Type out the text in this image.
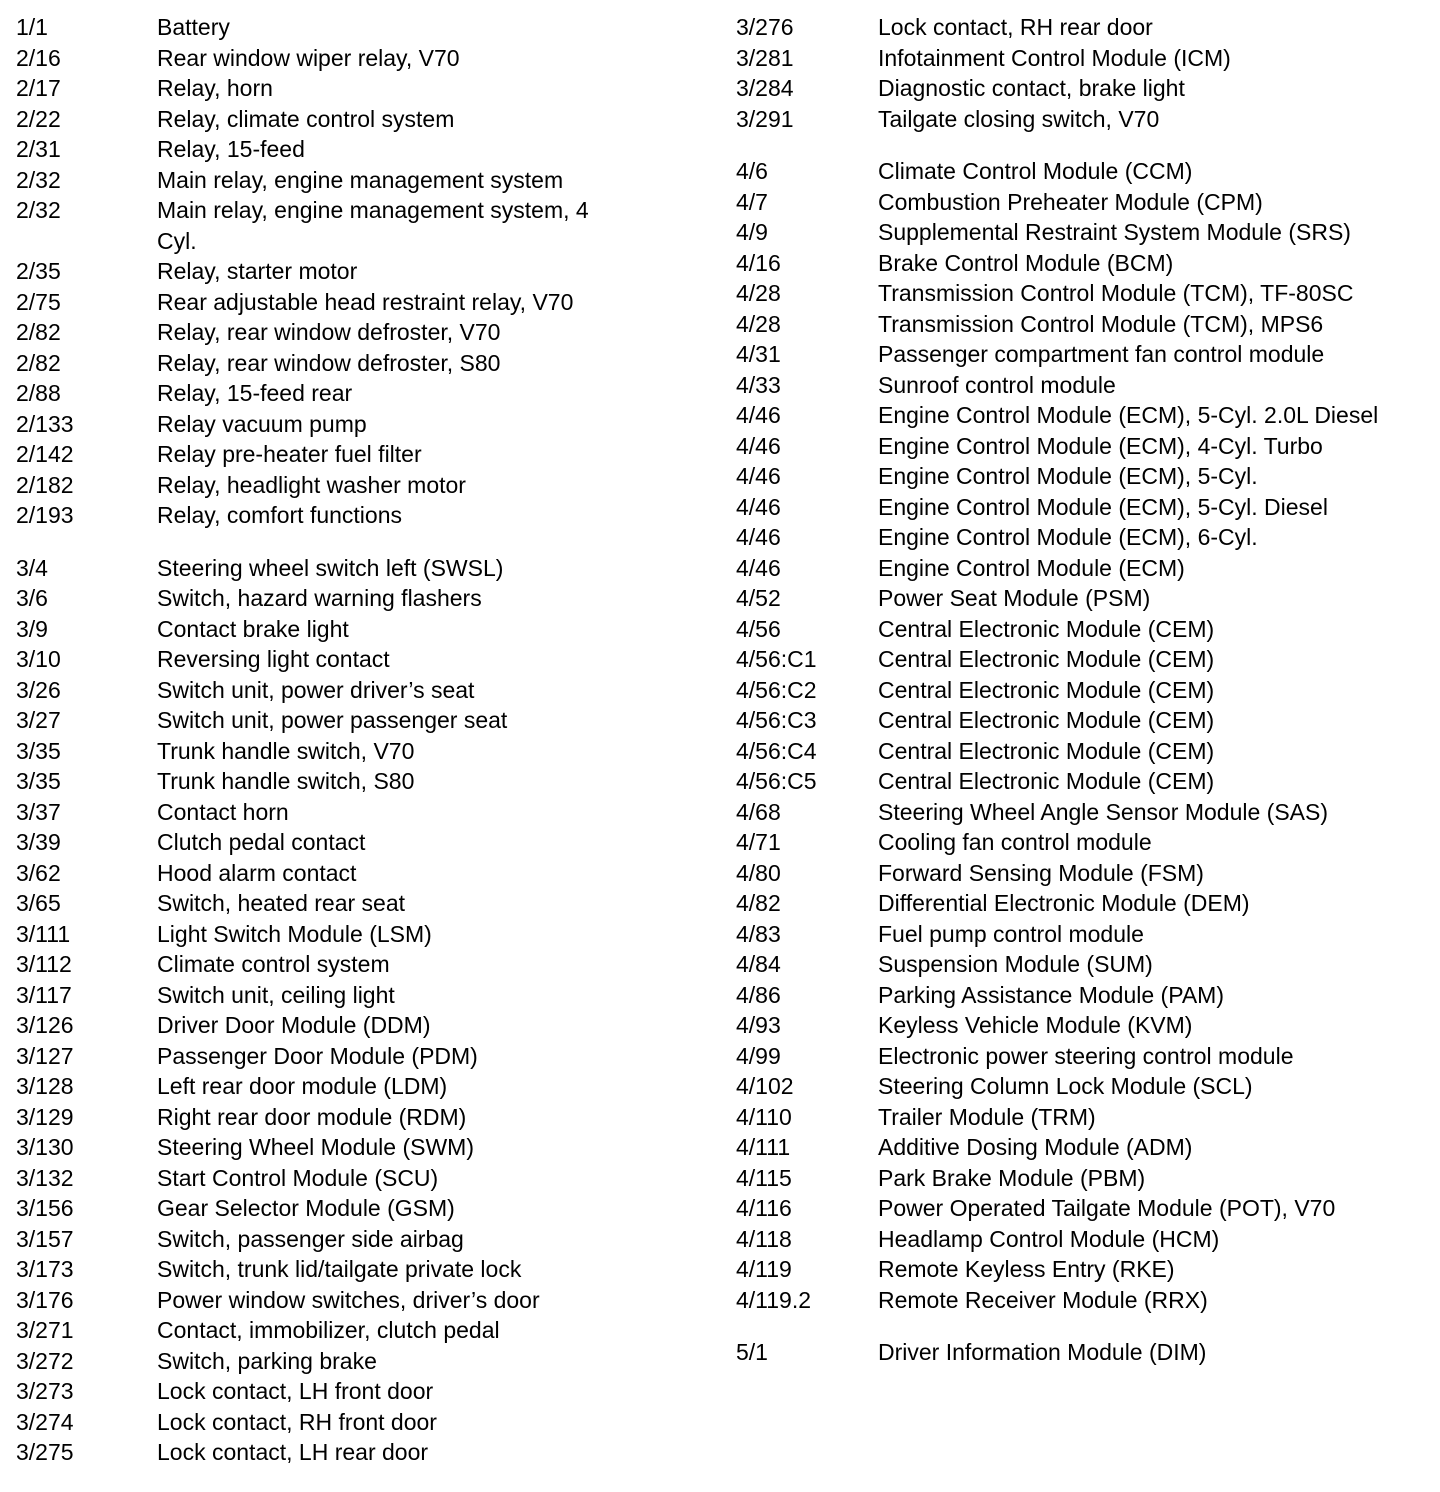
1/1	Battery
2/16	Rear window wiper relay, V70
2/17	Relay, horn
2/22	Relay, climate control system
2/31	Relay, 15-feed
2/32	Main relay, engine management system
2/32	Main relay, engine management system, 4 Cyl.
2/35	Relay, starter motor
2/75	Rear adjustable head restraint relay, V70
2/82	Relay, rear window defroster, V70
2/82	Relay, rear window defroster, S80
2/88	Relay, 15-feed rear
2/133	Relay vacuum pump
2/142	Relay pre-heater fuel filter
2/182	Relay, headlight washer motor
2/193	Relay, comfort functions
3/4	Steering wheel switch left (SWSL)
3/6	Switch, hazard warning flashers
3/9	Contact brake light
3/10	Reversing light contact
3/26	Switch unit, power driver’s seat
3/27	Switch unit, power passenger seat
3/35	Trunk handle switch, V70
3/35	Trunk handle switch, S80
3/37	Contact horn
3/39	Clutch pedal contact
3/62	Hood alarm contact
3/65	Switch, heated rear seat
3/111	Light Switch Module (LSM)
3/112	Climate control system
3/117	Switch unit, ceiling light
3/126	Driver Door Module (DDM)
3/127	Passenger Door Module (PDM)
3/128	Left rear door module (LDM)
3/129	Right rear door module (RDM)
3/130	Steering Wheel Module (SWM)
3/132	Start Control Module (SCU)
3/156	Gear Selector Module (GSM)
3/157	Switch, passenger side airbag
3/173	Switch, trunk lid/tailgate private lock
3/176	Power window switches, driver’s door
3/271	Contact, immobilizer, clutch pedal
3/272	Switch, parking brake
3/273	Lock contact, LH front door
3/274	Lock contact, RH front door
3/275	Lock contact, LH rear door
3/276	Lock contact, RH rear door
3/281	Infotainment Control Module (ICM)
3/284	Diagnostic contact, brake light
3/291	Tailgate closing switch, V70
4/6	Climate Control Module (CCM)
4/7	Combustion Preheater Module (CPM)
4/9	Supplemental Restraint System Module (SRS)
4/16	Brake Control Module (BCM)
4/28	Transmission Control Module (TCM), TF-80SC
4/28	Transmission Control Module (TCM), MPS6
4/31	Passenger compartment fan control module
4/33	Sunroof control module
4/46	Engine Control Module (ECM), 5-Cyl. 2.0L Diesel
4/46	Engine Control Module (ECM), 4-Cyl. Turbo
4/46	Engine Control Module (ECM), 5-Cyl.
4/46	Engine Control Module (ECM), 5-Cyl. Diesel
4/46	Engine Control Module (ECM), 6-Cyl.
4/46	Engine Control Module (ECM)
4/52	Power Seat Module (PSM)
4/56	Central Electronic Module (CEM)
4/56:C1	Central Electronic Module (CEM)
4/56:C2	Central Electronic Module (CEM)
4/56:C3	Central Electronic Module (CEM)
4/56:C4	Central Electronic Module (CEM)
4/56:C5	Central Electronic Module (CEM)
4/68	Steering Wheel Angle Sensor Module (SAS)
4/71	Cooling fan control module
4/80	Forward Sensing Module (FSM)
4/82	Differential Electronic Module (DEM)
4/83	Fuel pump control module
4/84	Suspension Module (SUM)
4/86	Parking Assistance Module (PAM)
4/93	Keyless Vehicle Module (KVM)
4/99	Electronic power steering control module
4/102	Steering Column Lock Module (SCL)
4/110	Trailer Module (TRM)
4/111	Additive Dosing Module (ADM)
4/115	Park Brake Module (PBM)
4/116	Power Operated Tailgate Module (POT), V70
4/118	Headlamp Control Module (HCM)
4/119	Remote Keyless Entry (RKE)
4/119.2	Remote Receiver Module (RRX)
5/1	Driver Information Module (DIM)
